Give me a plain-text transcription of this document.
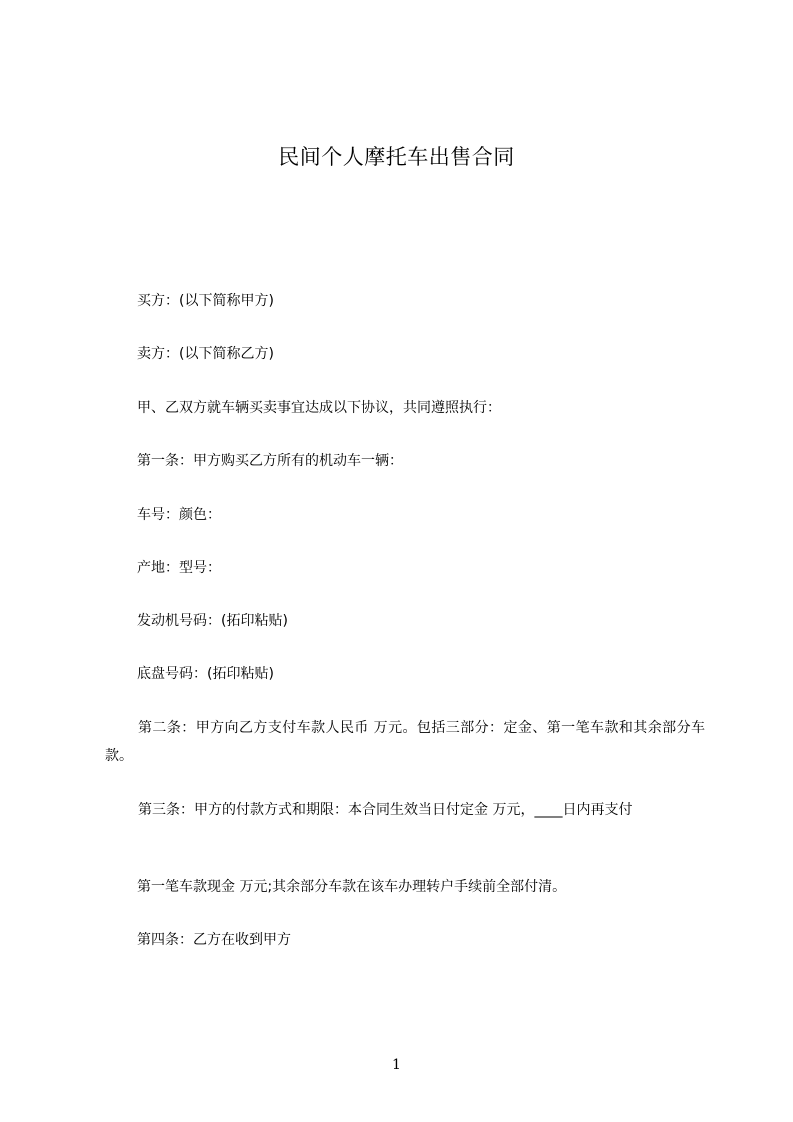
民间个人摩托车出售合同
买方：(以下简称甲方)
卖方：(以下简称乙方)
甲、乙双方就车辆买卖事宜达成以下协议，共同遵照执行：
第一条：甲方购买乙方所有的机动车一辆：
车号：颜色：
产地：型号：
发动机号码：(拓印粘贴)
底盘号码：(拓印粘贴)
第二条：甲方向乙方支付车款人民币 万元。包括三部分：定金、第一笔车款和其余部分车款。
第三条：甲方的付款方式和期限：本合同生效当日付定金 万元，____日内再支付
第一笔车款现金 万元;其余部分车款在该车办理转户手续前全部付清。
第四条：乙方在收到甲方
1
